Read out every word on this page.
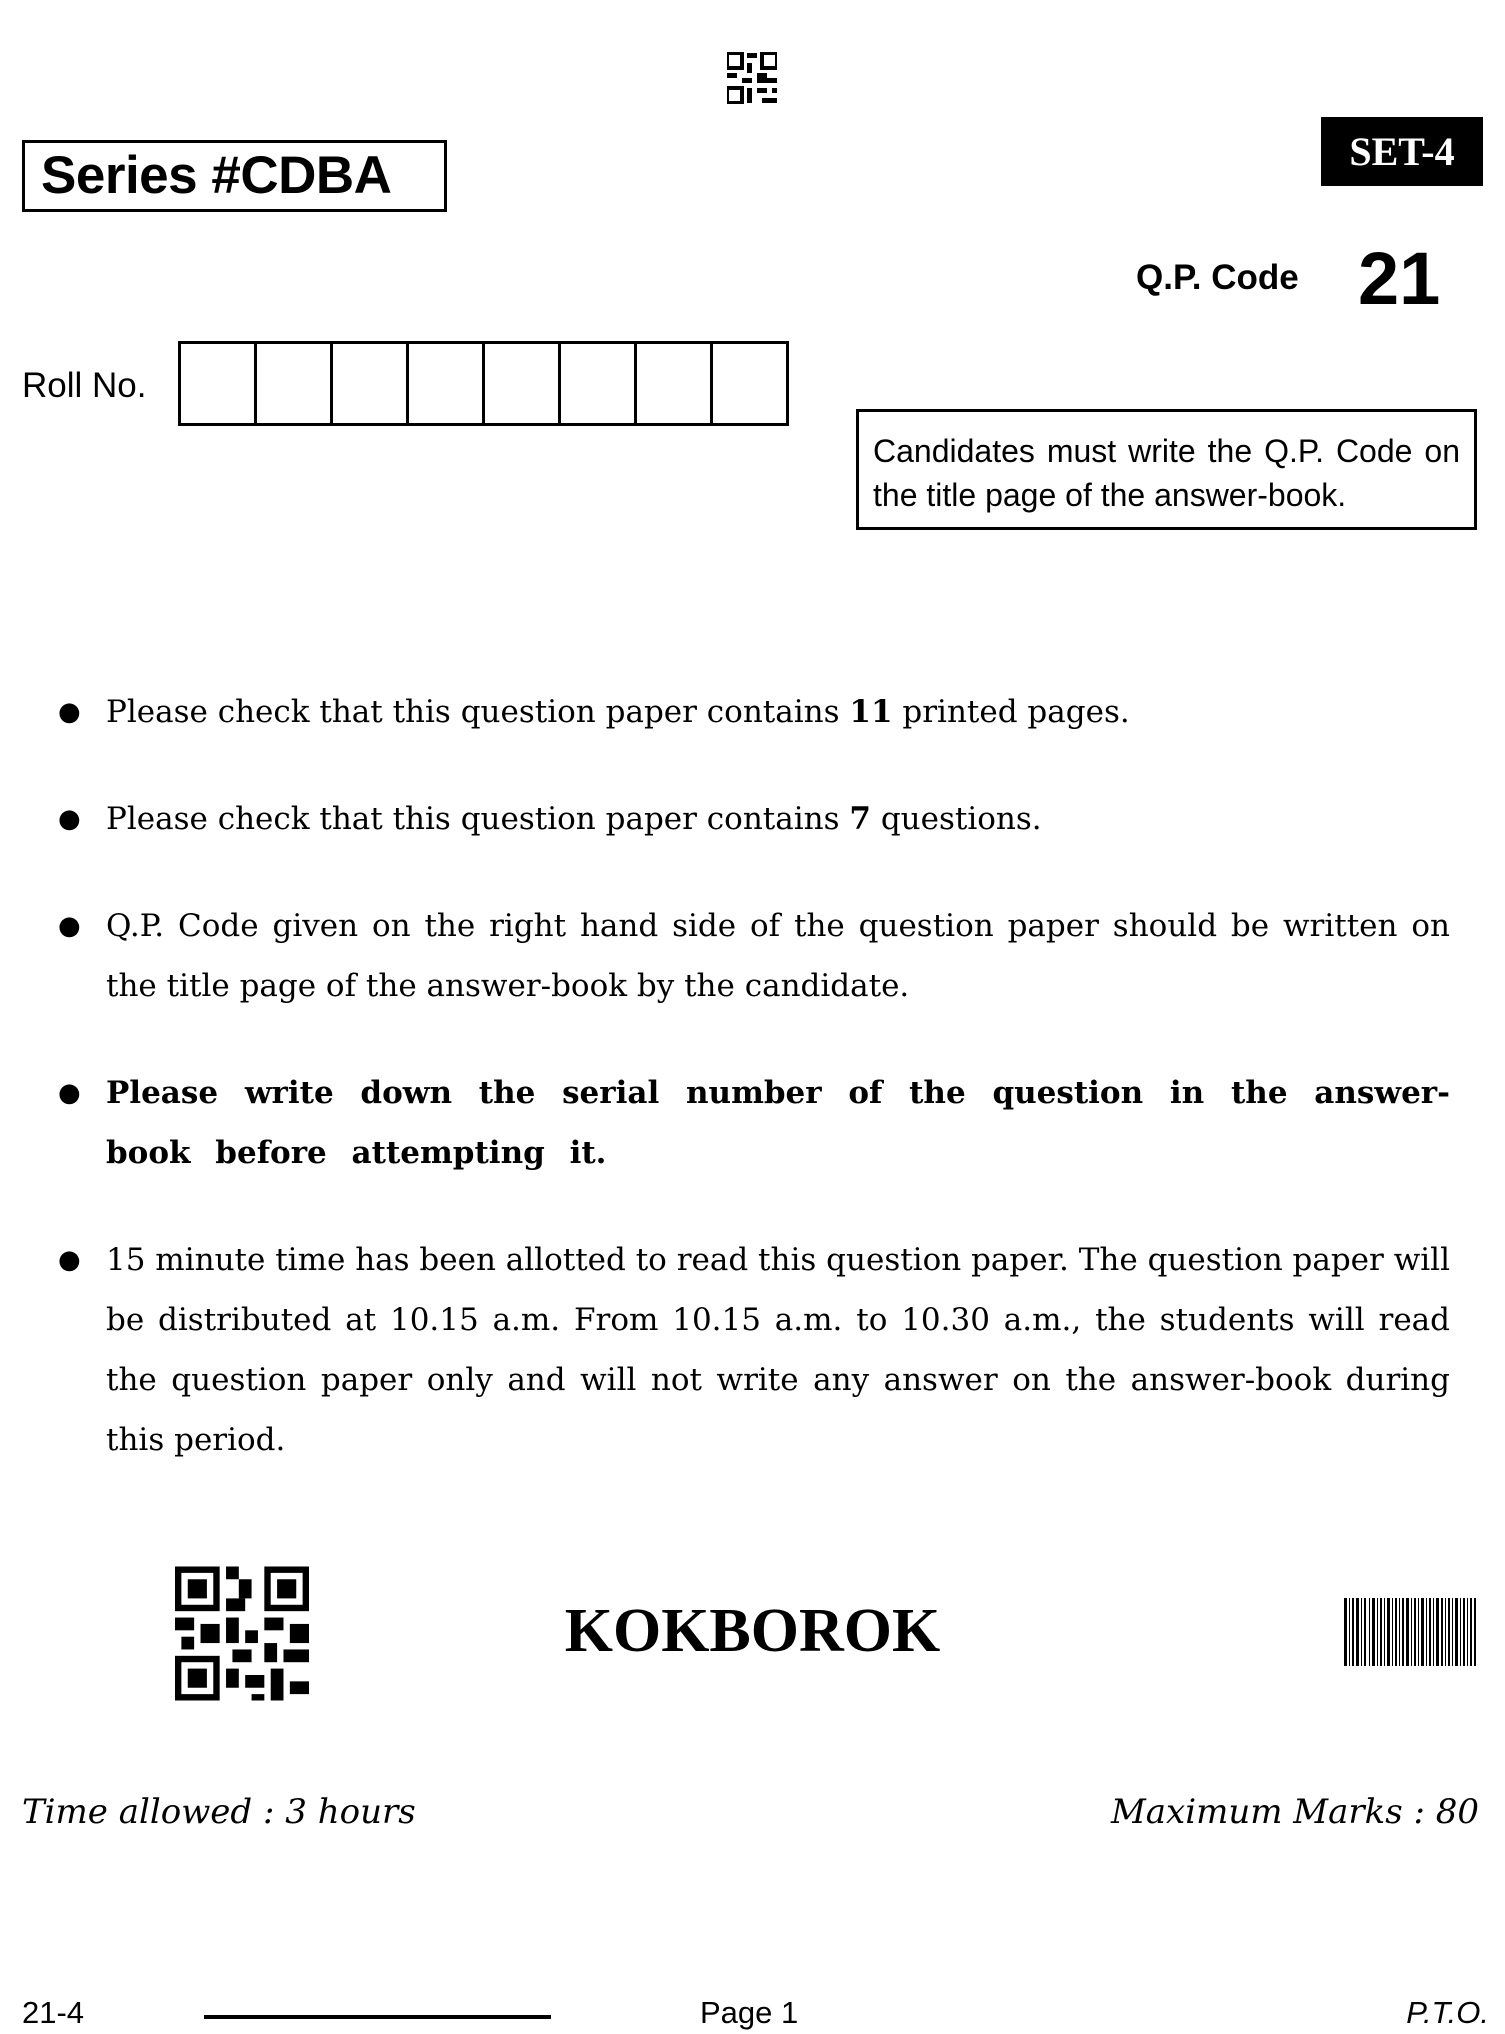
Series #CDBA	SET-4
Q.P. Code 21
Roll No.
Candidates must write the Q.P. Code on the title page of the answer-book.
● Please check that this question paper contains 11 printed pages.
● Please check that this question paper contains 7 questions.
● Q.P. Code given on the right hand side of the question paper should be written on the title page of the answer-book by the candidate.
● Please write down the serial number of the question in the answer-book before attempting it.
● 15 minute time has been allotted to read this question paper. The question paper will be distributed at 10.15 a.m. From 10.15 a.m. to 10.30 a.m., the students will read the question paper only and will not write any answer on the answer-book during this period.
KOKBOROK
Time allowed : 3 hours	Maximum Marks : 80
21-4	Page 1	P.T.O.
